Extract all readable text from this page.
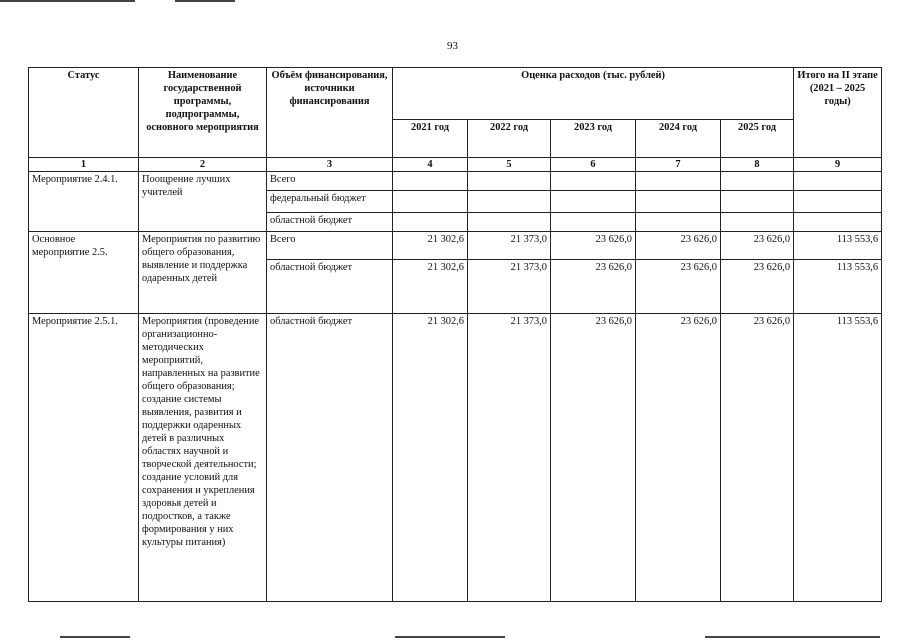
93
Статус	Наименование государственной программы, подпрограммы, основного мероприятия	Объём финансирования, источники финансирования	Оценка расходов (тыс. рублей)					Итого на II этапе (2021 – 2025 годы)
			2021 год	2022 год	2023 год	2024 год	2025 год	
1	2	3	4	5	6	7	8	9
Мероприятие 2.4.1.	Поощрение лучших учителей	Всего						
		федеральный бюджет						
		областной бюджет						
Основное мероприятие 2.5.	Мероприятия по развитию общего образования, выявление и поддержка одаренных детей	Всего	21 302,6	21 373,0	23 626,0	23 626,0	23 626,0	113 553,6
		областной бюджет	21 302,6	21 373,0	23 626,0	23 626,0	23 626,0	113 553,6
Мероприятие 2.5.1.	Мероприятия (проведение организационно-методических мероприятий, направленных на развитие общего образования; создание системы выявления, развития и поддержки одаренных детей в различных областях научной и творческой деятельности; создание условий для сохранения и укрепления здоровья детей и подростков, а также формирования у них культуры питания)	областной бюджет	21 302,6	21 373,0	23 626,0	23 626,0	23 626,0	113 553,6
